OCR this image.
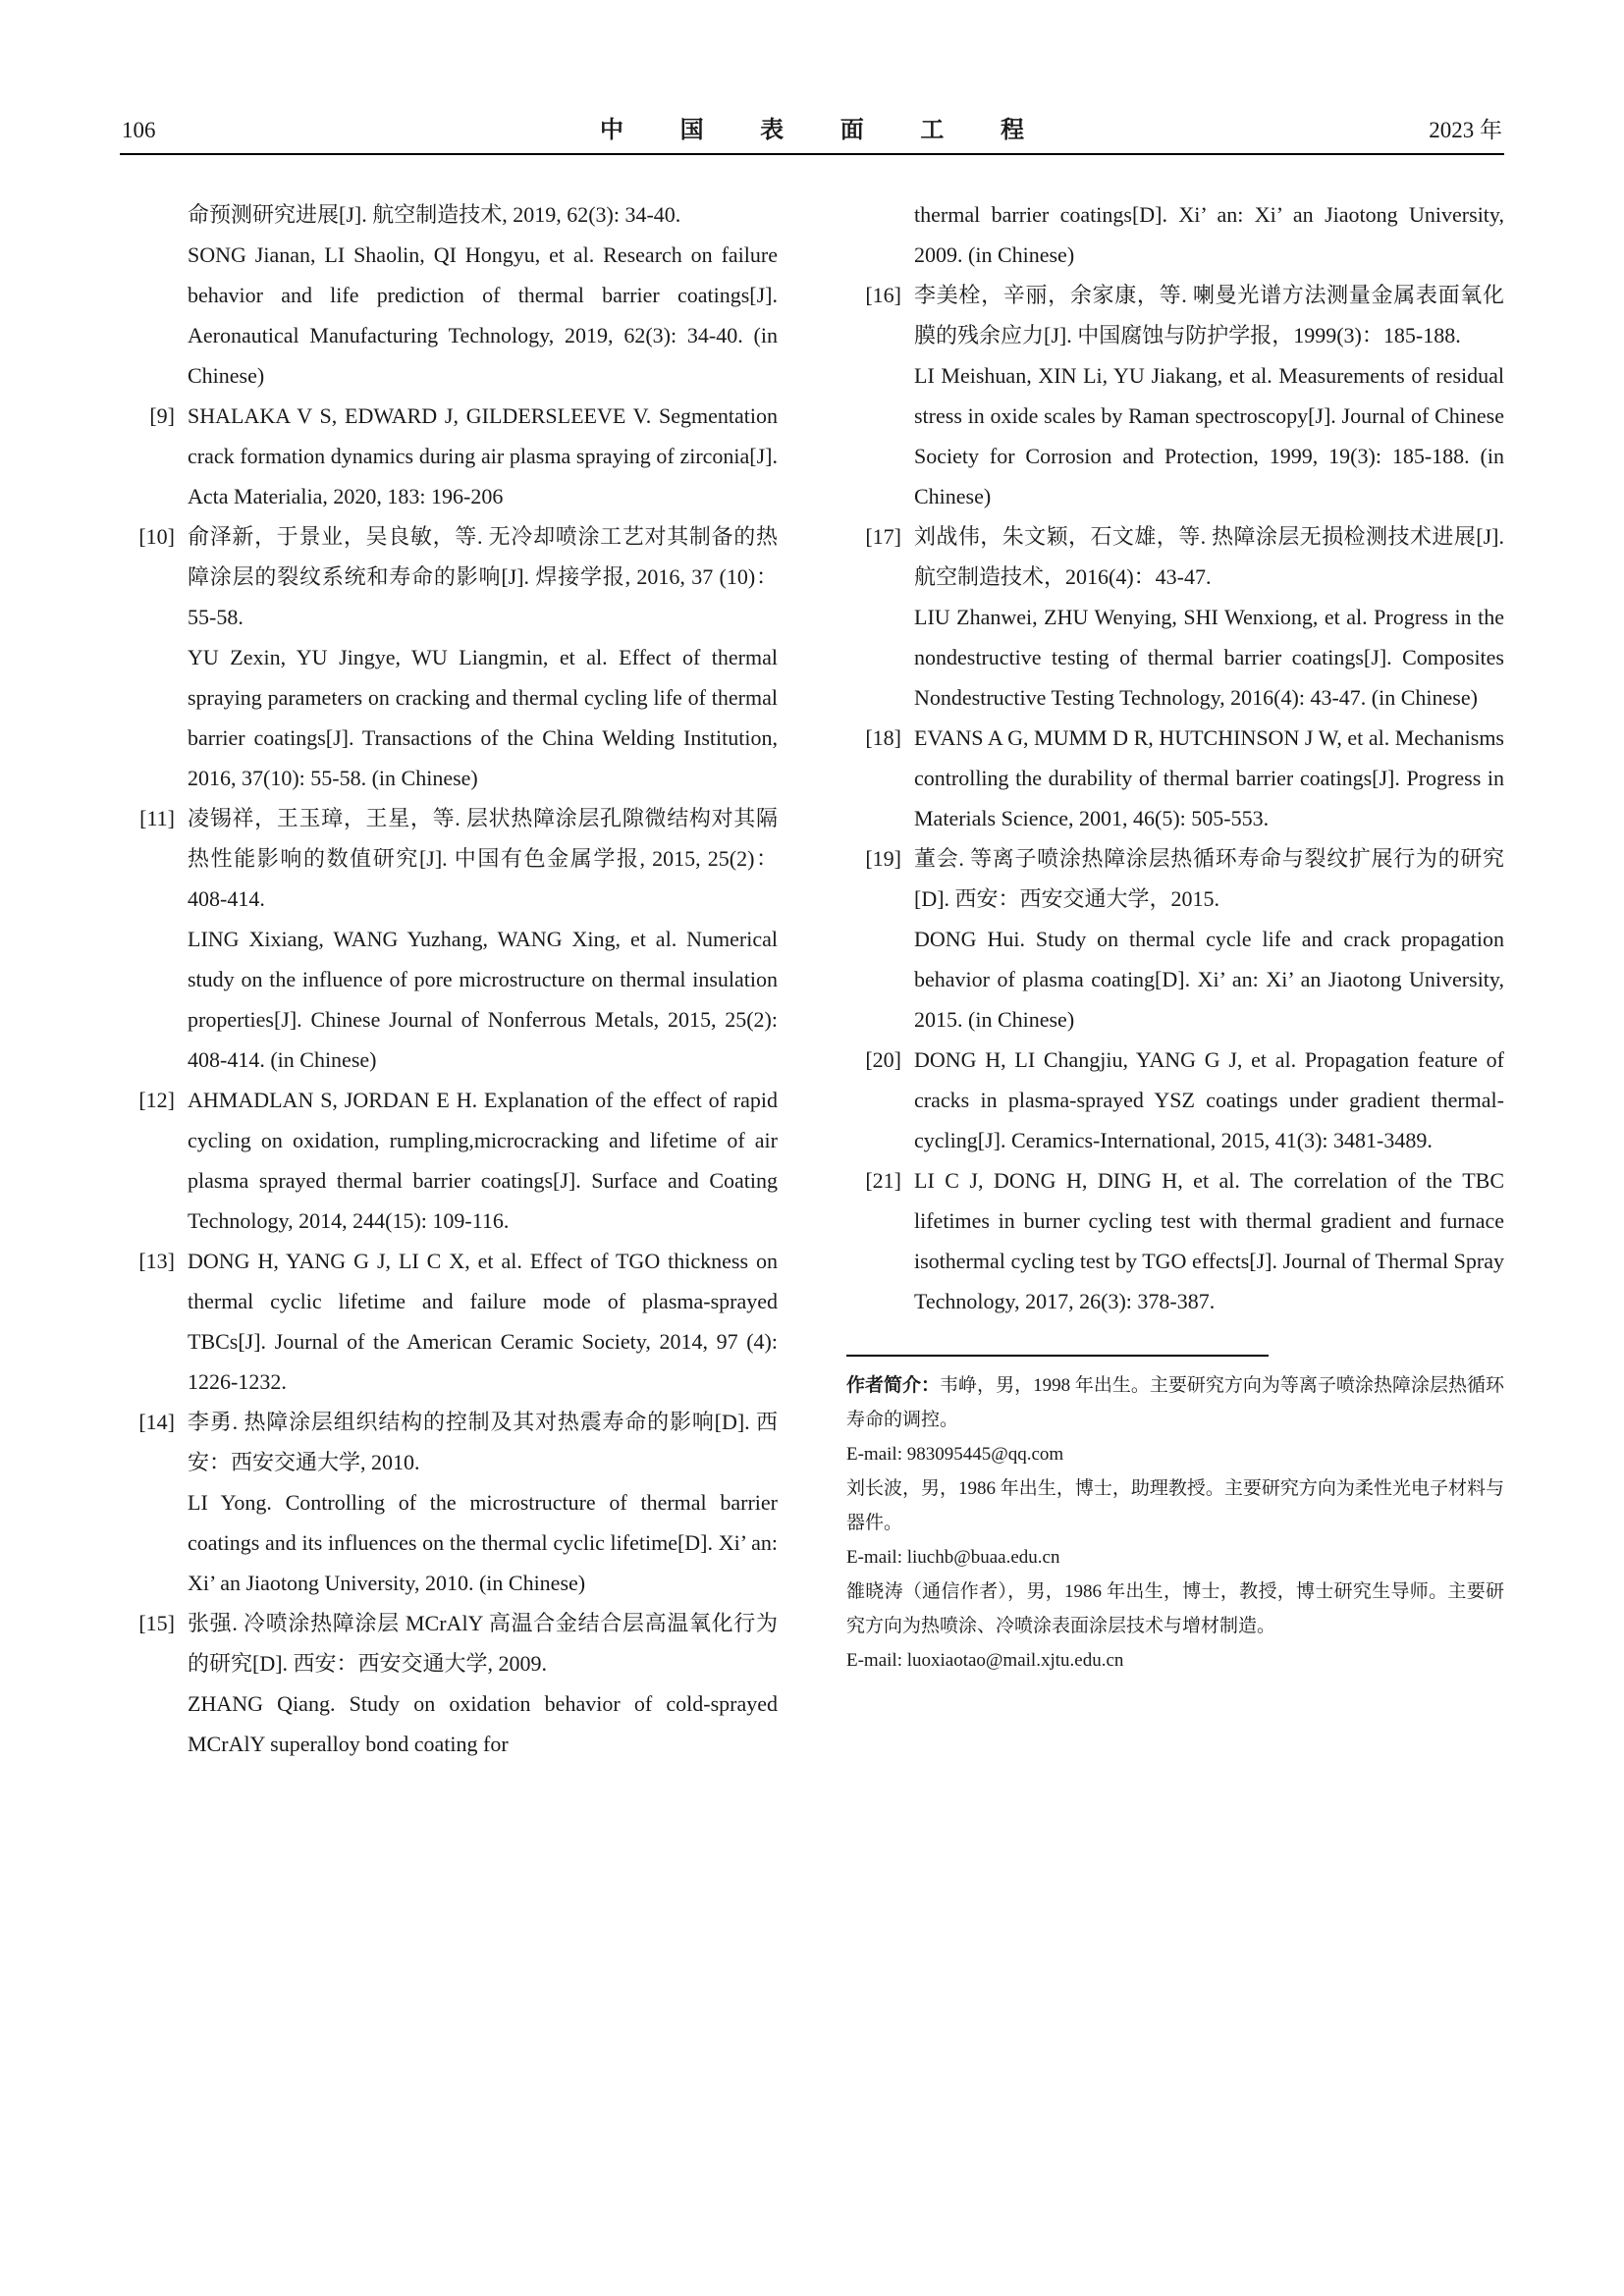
106	中国表面工程	2023 年

命预测研究进展[J]. 航空制造技术, 2019, 62(3): 34-40.

SONG Jianan, LI Shaolin, QI Hongyu, et al. Research on failure behavior and life prediction of thermal barrier coatings[J]. Aeronautical Manufacturing Technology, 2019, 62(3): 34-40. (in Chinese)

[9] SHALAKA V S, EDWARD J, GILDERSLEEVE V. Segmentation crack formation dynamics during air plasma spraying of zirconia[J]. Acta Materialia, 2020, 183: 196-206

[10] 俞泽新，于景业，吴良敏，等. 无冷却喷涂工艺对其制备的热障涂层的裂纹系统和寿命的影响[J]. 焊接学报, 2016, 37 (10)：55-58.

YU Zexin, YU Jingye, WU Liangmin, et al. Effect of thermal spraying parameters on cracking and thermal cycling life of thermal barrier coatings[J]. Transactions of the China Welding Institution, 2016, 37(10): 55-58. (in Chinese)

[11] 凌锡祥，王玉璋，王星，等. 层状热障涂层孔隙微结构对其隔热性能影响的数值研究[J]. 中国有色金属学报, 2015, 25(2)：408-414.

LING Xixiang, WANG Yuzhang, WANG Xing, et al. Numerical study on the influence of pore microstructure on thermal insulation properties[J]. Chinese Journal of Nonferrous Metals, 2015, 25(2): 408-414. (in Chinese)

[12] AHMADLAN S, JORDAN E H. Explanation of the effect of rapid cycling on oxidation, rumpling,microcracking and lifetime of air plasma sprayed thermal barrier coatings[J]. Surface and Coating Technology, 2014, 244(15): 109-116.

[13] DONG H, YANG G J, LI C X, et al. Effect of TGO thickness on thermal cyclic lifetime and failure mode of plasma-sprayed TBCs[J]. Journal of the American Ceramic Society, 2014, 97 (4): 1226-1232.

[14] 李勇. 热障涂层组织结构的控制及其对热震寿命的影响[D]. 西安：西安交通大学, 2010.

LI Yong. Controlling of the microstructure of thermal barrier coatings and its influences on the thermal cyclic lifetime[D]. Xi’ an: Xi’ an Jiaotong University, 2010. (in Chinese)

[15] 张强. 冷喷涂热障涂层 MCrAlY 高温合金结合层高温氧化行为的研究[D]. 西安：西安交通大学, 2009.

ZHANG Qiang. Study on oxidation behavior of cold-sprayed MCrAlY superalloy bond coating for

thermal barrier coatings[D]. Xi’ an: Xi’ an Jiaotong University, 2009. (in Chinese)

[16] 李美栓，辛丽，余家康，等. 喇曼光谱方法测量金属表面氧化膜的残余应力[J]. 中国腐蚀与防护学报，1999(3)：185-188.

LI Meishuan, XIN Li, YU Jiakang, et al. Measurements of residual stress in oxide scales by Raman spectroscopy[J]. Journal of Chinese Society for Corrosion and Protection, 1999, 19(3): 185-188. (in Chinese)

[17] 刘战伟，朱文颖，石文雄，等. 热障涂层无损检测技术进展[J]. 航空制造技术，2016(4)：43-47.

LIU Zhanwei, ZHU Wenying, SHI Wenxiong, et al. Progress in the nondestructive testing of thermal barrier coatings[J]. Composites Nondestructive Testing Technology, 2016(4): 43-47. (in Chinese)

[18] EVANS A G, MUMM D R, HUTCHINSON J W, et al. Mechanisms controlling the durability of thermal barrier coatings[J]. Progress in Materials Science, 2001, 46(5): 505-553.

[19] 董会. 等离子喷涂热障涂层热循环寿命与裂纹扩展行为的研究[D]. 西安：西安交通大学，2015.

DONG Hui. Study on thermal cycle life and crack propagation behavior of plasma coating[D]. Xi’ an: Xi’ an Jiaotong University, 2015. (in Chinese)

[20] DONG H, LI Changjiu, YANG G J, et al. Propagation feature of cracks in plasma-sprayed YSZ coatings under gradient thermal-cycling[J]. Ceramics-International, 2015, 41(3): 3481-3489.

[21] LI C J, DONG H, DING H, et al. The correlation of the TBC lifetimes in burner cycling test with thermal gradient and furnace isothermal cycling test by TGO effects[J]. Journal of Thermal Spray Technology, 2017, 26(3): 378-387.

作者简介：韦峥，男，1998 年出生。主要研究方向为等离子喷涂热障涂层热循环寿命的调控。

E-mail: 983095445@qq.com

刘长波，男，1986 年出生，博士，助理教授。主要研究方向为柔性光电子材料与器件。

E-mail: liuchb@buaa.edu.cn

雒晓涛（通信作者），男，1986 年出生，博士，教授，博士研究生导师。主要研究方向为热喷涂、冷喷涂表面涂层技术与增材制造。

E-mail: luoxiaotao@mail.xjtu.edu.cn
